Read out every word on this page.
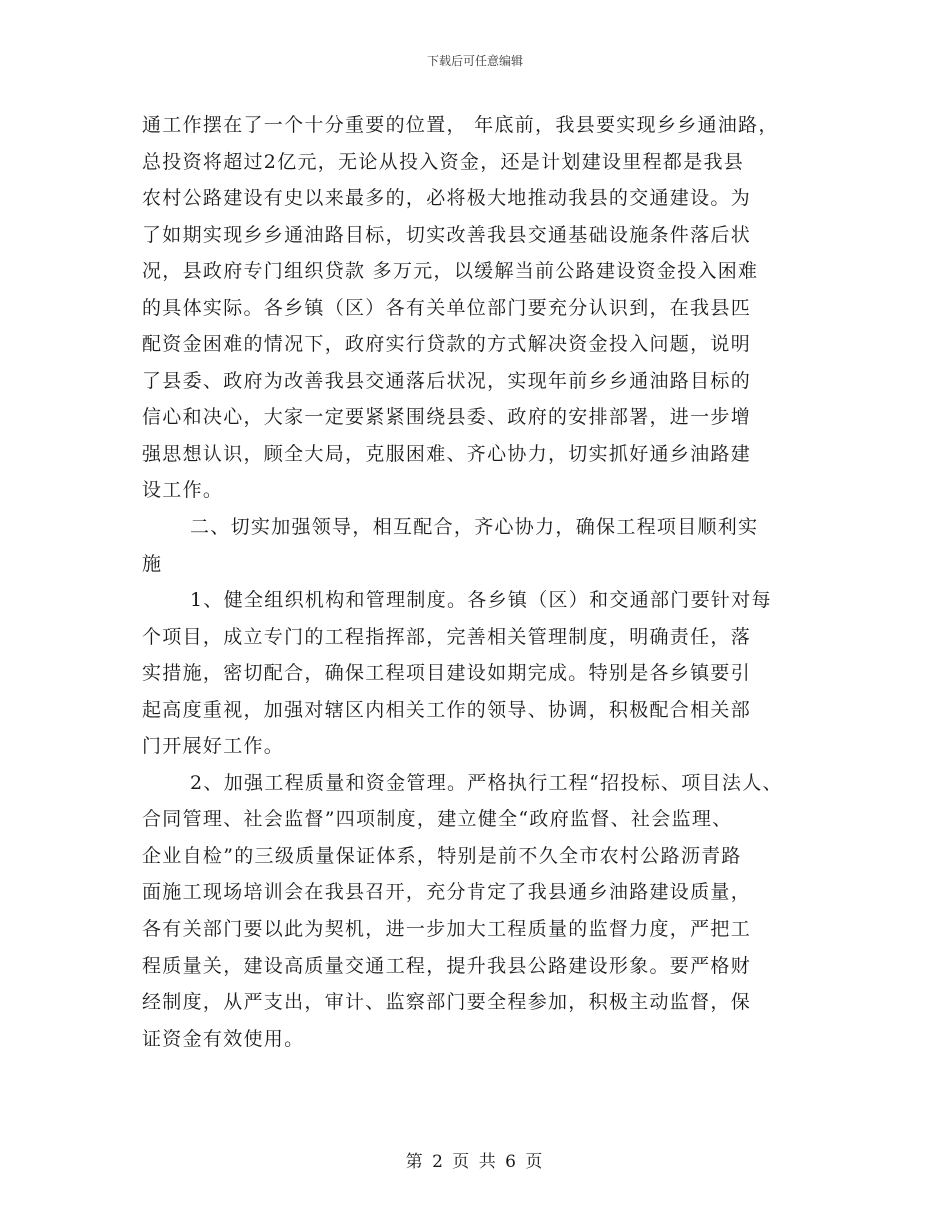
下载后可任意编辑
通工作摆在了一个十分重要的位置， 年底前，我县要实现乡乡通油路，
总投资将超过2亿元，无论从投入资金，还是计划建设里程都是我县
农村公路建设有史以来最多的，必将极大地推动我县的交通建设。为
了如期实现乡乡通油路目标，切实改善我县交通基础设施条件落后状
况，县政府专门组织贷款 多万元，以缓解当前公路建设资金投入困难
的具体实际。各乡镇（区）各有关单位部门要充分认识到，在我县匹
配资金困难的情况下，政府实行贷款的方式解决资金投入问题，说明
了县委、政府为改善我县交通落后状况，实现年前乡乡通油路目标的
信心和决心，大家一定要紧紧围绕县委、政府的安排部署，进一步增
强思想认识，顾全大局，克服困难、齐心协力，切实抓好通乡油路建
设工作。
二、切实加强领导，相互配合，齐心协力，确保工程项目顺利实
施
1、健全组织机构和管理制度。各乡镇（区）和交通部门要针对每
个项目，成立专门的工程指挥部，完善相关管理制度，明确责任，落
实措施，密切配合，确保工程项目建设如期完成。特别是各乡镇要引
起高度重视，加强对辖区内相关工作的领导、协调，积极配合相关部
门开展好工作。
2、加强工程质量和资金管理。严格执行工程“招投标、项目法人、
合同管理、社会监督”四项制度，建立健全“政府监督、社会监理、
企业自检”的三级质量保证体系，特别是前不久全市农村公路沥青路
面施工现场培训会在我县召开，充分肯定了我县通乡油路建设质量，
各有关部门要以此为契机，进一步加大工程质量的监督力度，严把工
程质量关，建设高质量交通工程，提升我县公路建设形象。要严格财
经制度，从严支出，审计、监察部门要全程参加，积极主动监督，保
证资金有效使用。
第 2 页 共 6 页
